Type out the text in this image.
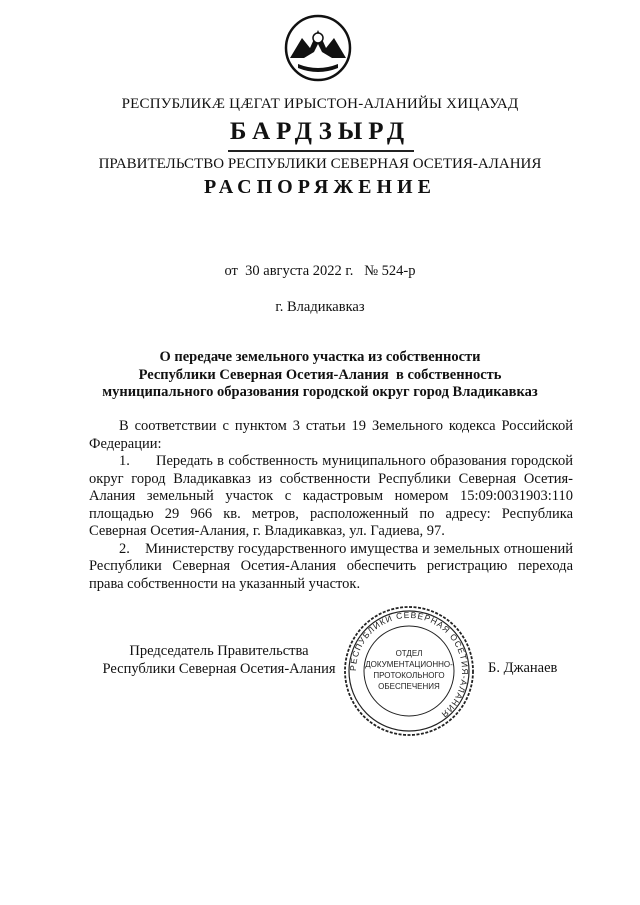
РЕСПУБЛИКӔ ЦӔГАТ ИРЫСТОН-АЛАНИЙЫ ХИЦАУАД
БАРДЗЫРД
ПРАВИТЕЛЬСТВО РЕСПУБЛИКИ СЕВЕРНАЯ ОСЕТИЯ-АЛАНИЯ
РАСПОРЯЖЕНИЕ
от  30 августа 2022 г.   № 524-р
г. Владикавказ
О передаче земельного участка из собственности
Республики Северная Осетия-Алания  в собственность
муниципального образования городской округ город Владикавказ

В соответствии с пунктом 3 статьи 19 Земельного кодекса Российской Федерации:

1.      Передать в собственность муниципального образования городской округ город Владикавказ из собственности Республики Северная Осетия-Алания земельный участок с кадастровым номером 15:09:0031903:110 площадью 29 966 кв. метров, расположенный по адресу: Республика Северная Осетия-Алания, г. Владикавказ, ул. Гадиева, 97.

2.    Министерству государственного имущества и земельных отношений Республики Северная Осетия-Алания обеспечить регистрацию перехода права собственности на указанный участок.

Председатель Правительства
Республики Северная Осетия-Алания	РЕСПУБЛИКИ СЕВЕРНАЯ ОСЕТИЯ-АЛАНИЯ
ОТДЕЛ
ДОКУМЕНТАЦИОННО-
ПРОТОКОЛЬНОГО
ОБЕСПЕЧЕНИЯ
Б. Джанаев
